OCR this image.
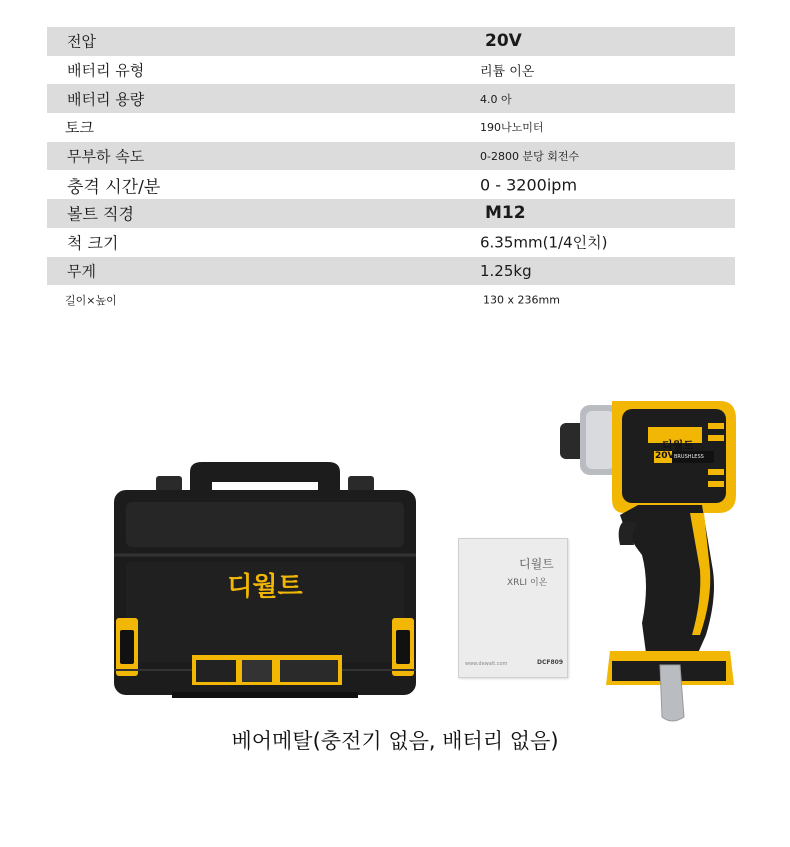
전압	20V
배터리 유형	리튬 이온
배터리 용량	4.0 아
토크	190나노미터
무부하 속도	0-2800 분당 회전수
충격 시간/분	0 - 3200ipm
볼트 직경	M12
척 크기	6.35mm(1/4인치)
무게	1.25kg
길이×높이	130 x 236mm
디월트
디월트
XRLI 이온
www.dewalt.com	DCF809
디월트
20V BRUSHLESS
베어메탈(충전기 없음, 배터리 없음)
